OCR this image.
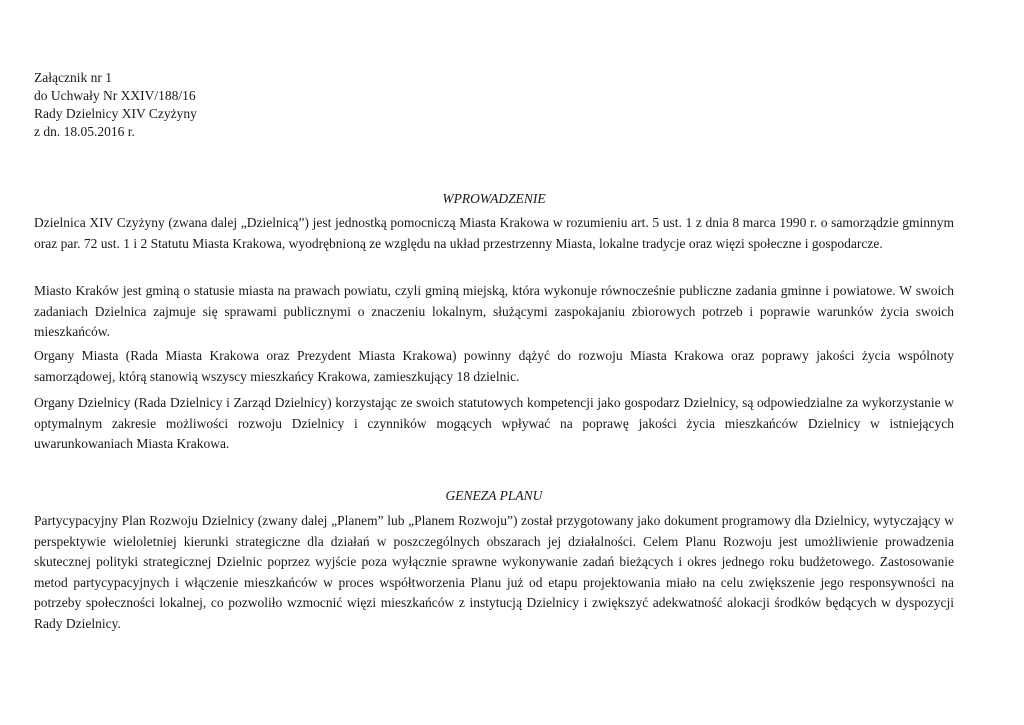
Załącznik nr 1
do Uchwały Nr XXIV/188/16
Rady Dzielnicy XIV Czyżyny
z dn. 18.05.2016 r.
WPROWADZENIE

Dzielnica XIV Czyżyny (zwana dalej „Dzielnicą”) jest jednostką pomocniczą Miasta Krakowa w rozumieniu art. 5 ust. 1 z dnia 8 marca 1990 r. o samorządzie gminnym oraz par. 72 ust. 1 i 2 Statutu Miasta Krakowa, wyodrębnioną ze względu na układ przestrzenny Miasta, lokalne tradycje oraz więzi społeczne i gospodarcze.

Miasto Kraków jest gminą o statusie miasta na prawach powiatu, czyli gminą miejską, która wykonuje równocześnie publiczne zadania gminne i powiatowe. W swoich zadaniach Dzielnica zajmuje się sprawami publicznymi o znaczeniu lokalnym, służącymi zaspokajaniu zbiorowych potrzeb i poprawie warunków życia swoich mieszkańców.

Organy Miasta (Rada Miasta Krakowa oraz Prezydent Miasta Krakowa) powinny dążyć do rozwoju Miasta Krakowa oraz poprawy jakości życia wspólnoty samorządowej, którą stanowią wszyscy mieszkańcy Krakowa, zamieszkujący 18 dzielnic.

Organy Dzielnicy (Rada Dzielnicy i Zarząd Dzielnicy) korzystając ze swoich statutowych kompetencji jako gospodarz Dzielnicy, są odpowiedzialne za wykorzystanie w optymalnym zakresie możliwości rozwoju Dzielnicy i czynników mogących wpływać na poprawę jakości życia mieszkańców Dzielnicy w istniejących uwarunkowaniach Miasta Krakowa.

GENEZA PLANU

Partycypacyjny Plan Rozwoju Dzielnicy (zwany dalej „Planem” lub „Planem Rozwoju”) został przygotowany jako dokument programowy dla Dzielnicy, wytyczający w perspektywie wieloletniej kierunki strategiczne dla działań w poszczególnych obszarach jej działalności. Celem Planu Rozwoju jest umożliwienie prowadzenia skutecznej polityki strategicznej Dzielnic poprzez wyjście poza wyłącznie sprawne wykonywanie zadań bieżących i okres jednego roku budżetowego. Zastosowanie metod partycypacyjnych i włączenie mieszkańców w proces współtworzenia Planu już od etapu projektowania miało na celu zwiększenie jego responsywności na potrzeby społeczności lokalnej, co pozwoliło wzmocnić więzi mieszkańców z instytucją Dzielnicy i zwiększyć adekwatność alokacji środków będących w dyspozycji Rady Dzielnicy.
